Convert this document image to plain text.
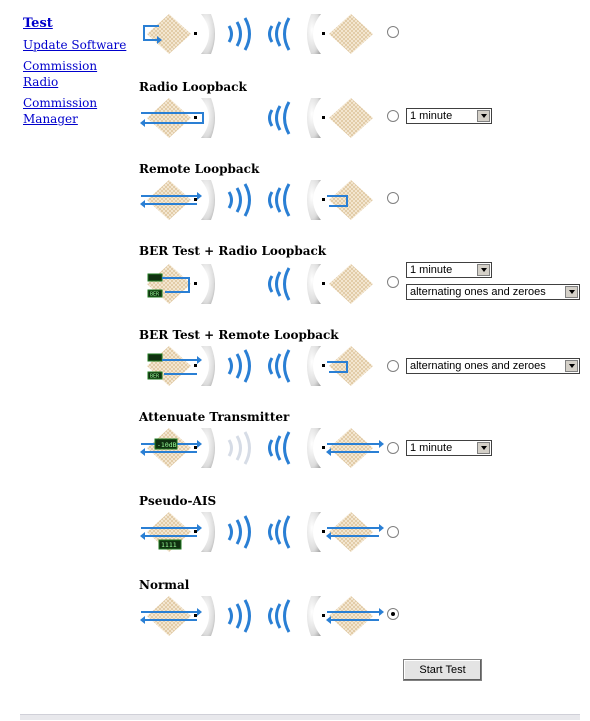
Test
Update Software
Commission Radio
Commission Manager
Radio Loopback
1 minute
Remote Loopback
BER Test + Radio Loopback
BER
1 minute
alternating ones and zeroes
BER Test + Remote Loopback
BER
alternating ones and zeroes
Attenuate Transmitter
-10dB	1 minute
Pseudo-AIS
1111
Normal
Start Test
